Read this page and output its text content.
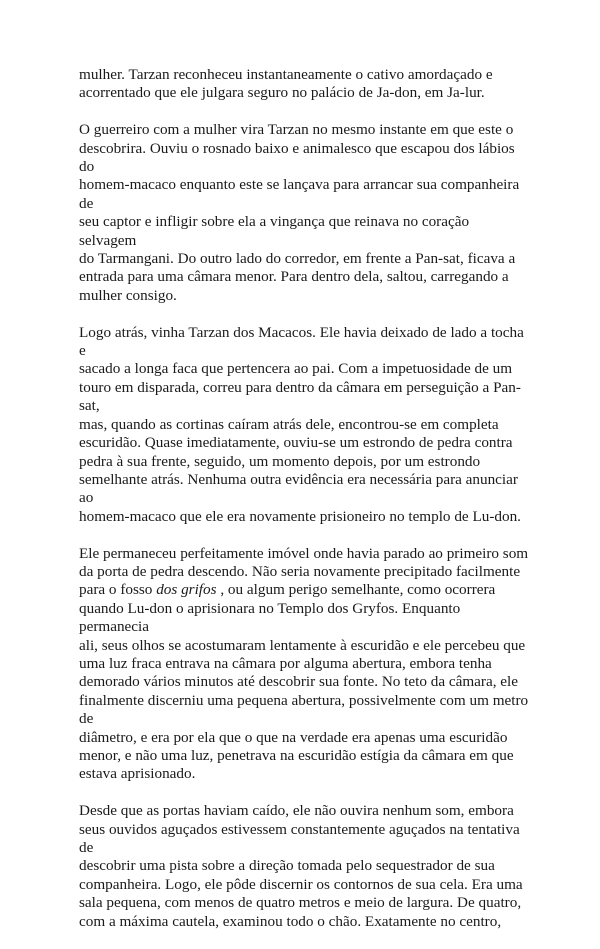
mulher. Tarzan reconheceu instantaneamente o cativo amordaçado e
acorrentado que ele julgara seguro no palácio de Ja-don, em Ja-lur.

O guerreiro com a mulher vira Tarzan no mesmo instante em que este o
descobrira. Ouviu o rosnado baixo e animalesco que escapou dos lábios do
homem-macaco enquanto este se lançava para arrancar sua companheira de
seu captor e infligir sobre ela a vingança que reinava no coração selvagem
do Tarmangani. Do outro lado do corredor, em frente a Pan-sat, ficava a
entrada para uma câmara menor. Para dentro dela, saltou, carregando a
mulher consigo.

Logo atrás, vinha Tarzan dos Macacos. Ele havia deixado de lado a tocha e
sacado a longa faca que pertencera ao pai. Com a impetuosidade de um
touro em disparada, correu para dentro da câmara em perseguição a Pan-sat,
mas, quando as cortinas caíram atrás dele, encontrou-se em completa
escuridão. Quase imediatamente, ouviu-se um estrondo de pedra contra
pedra à sua frente, seguido, um momento depois, por um estrondo
semelhante atrás. Nenhuma outra evidência era necessária para anunciar ao
homem-macaco que ele era novamente prisioneiro no templo de Lu-don.

Ele permaneceu perfeitamente imóvel onde havia parado ao primeiro som
da porta de pedra descendo. Não seria novamente precipitado facilmente
para o fosso dos grifos , ou algum perigo semelhante, como ocorrera
quando Lu-don o aprisionara no Templo dos Gryfos. Enquanto permanecia
ali, seus olhos se acostumaram lentamente à escuridão e ele percebeu que
uma luz fraca entrava na câmara por alguma abertura, embora tenha
demorado vários minutos até descobrir sua fonte. No teto da câmara, ele
finalmente discerniu uma pequena abertura, possivelmente com um metro de
diâmetro, e era por ela que o que na verdade era apenas uma escuridão
menor, e não uma luz, penetrava na escuridão estígia da câmara em que
estava aprisionado.

Desde que as portas haviam caído, ele não ouvira nenhum som, embora
seus ouvidos aguçados estivessem constantemente aguçados na tentativa de
descobrir uma pista sobre a direção tomada pelo sequestrador de sua
companheira. Logo, ele pôde discernir os contornos de sua cela. Era uma
sala pequena, com menos de quatro metros e meio de largura. De quatro,
com a máxima cautela, examinou todo o chão. Exatamente no centro,
